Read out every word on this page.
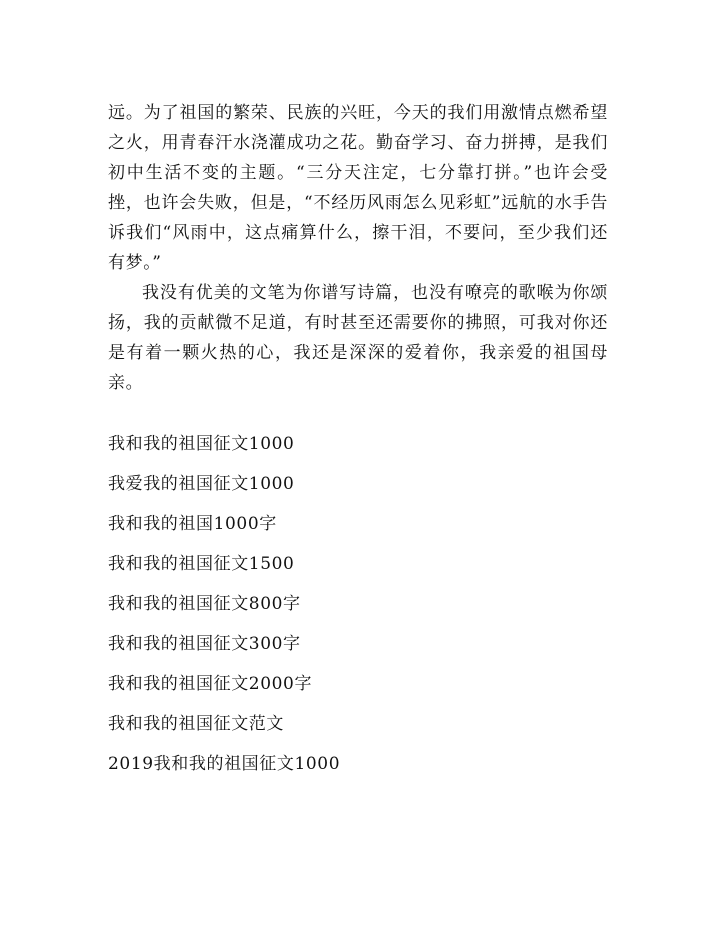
远。为了祖国的繁荣、民族的兴旺，今天的我们用激情点燃希望之火，用青春汗水浇灌成功之花。勤奋学习、奋力拼搏，是我们初中生活不变的主题。“三分天注定，七分靠打拼。”也许会受挫，也许会失败，但是，“不经历风雨怎么见彩虹”远航的水手告诉我们“风雨中，这点痛算什么，擦干泪，不要问，至少我们还有梦。”

我没有优美的文笔为你谱写诗篇，也没有嘹亮的歌喉为你颂扬，我的贡献微不足道，有时甚至还需要你的拂照，可我对你还是有着一颗火热的心，我还是深深的爱着你，我亲爱的祖国母亲。

我和我的祖国征文1000
我爱我的祖国征文1000
我和我的祖国1000字
我和我的祖国征文1500
我和我的祖国征文800字
我和我的祖国征文300字
我和我的祖国征文2000字
我和我的祖国征文范文
2019我和我的祖国征文1000
